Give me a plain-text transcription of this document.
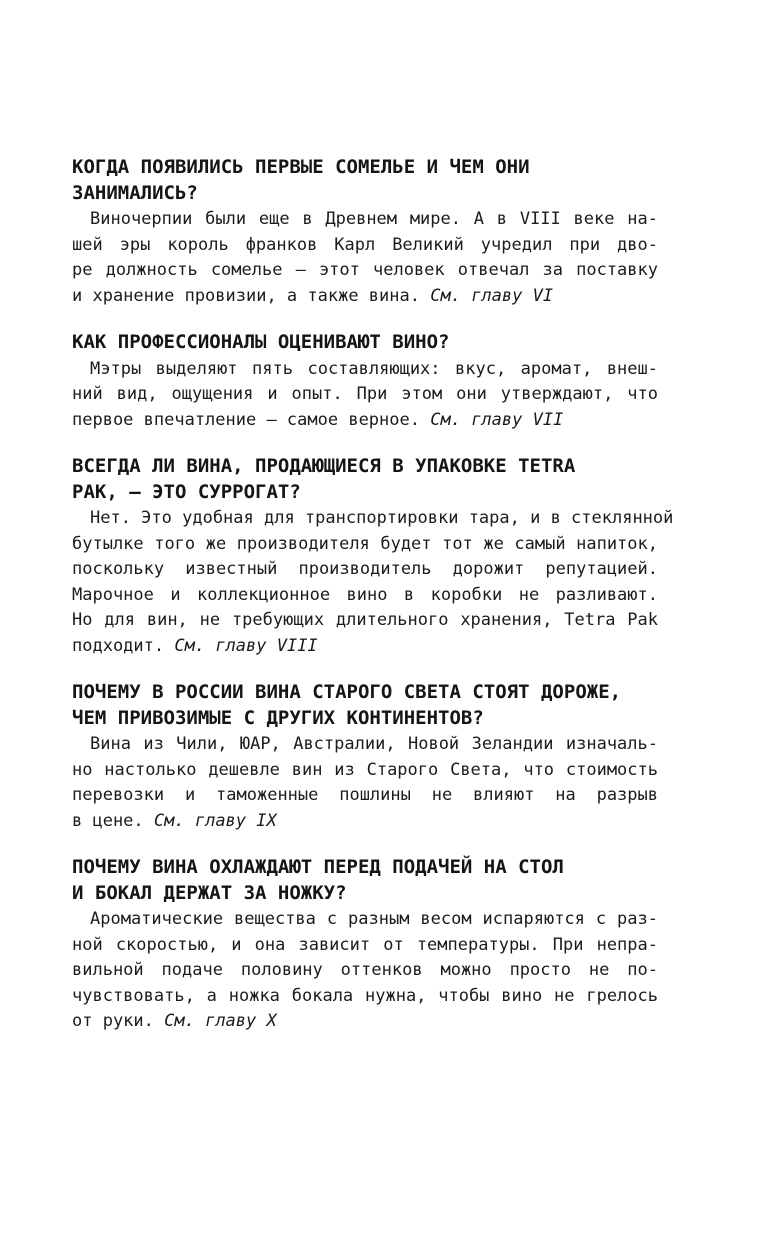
КОГДА ПОЯВИЛИСЬ ПЕРВЫЕ СОМЕЛЬЕ И ЧЕМ ОНИ
ЗАНИМАЛИСЬ?
Виночерпии были еще в Древнем мире. А в VIII веке на-
шей эры король франков Карл Великий учредил при дво-
ре должность сомелье — этот человек отвечал за поставку
и хранение провизии, а также вина. См. главу VI
КАК ПРОФЕССИОНАЛЫ ОЦЕНИВАЮТ ВИНО?
Мэтры выделяют пять составляющих: вкус, аромат, внеш-
ний вид, ощущения и опыт. При этом они утверждают, что
первое впечатление — самое верное. См. главу VII
ВСЕГДА ЛИ ВИНА, ПРОДАЮЩИЕСЯ В УПАКОВКЕ TETRA
PAK, — ЭТО СУРРОГАТ?
Нет. Это удобная для транспортировки тара, и в стеклянной
бутылке того же производителя будет тот же самый напиток,
поскольку известный производитель дорожит репутацией.
Марочное и коллекционное вино в коробки не разливают.
Но для вин, не требующих длительного хранения, Tetra Pak
подходит. См. главу VIII
ПОЧЕМУ В РОССИИ ВИНА СТАРОГО СВЕТА СТОЯТ ДОРОЖЕ,
ЧЕМ ПРИВОЗИМЫЕ С ДРУГИХ КОНТИНЕНТОВ?
Вина из Чили, ЮАР, Австралии, Новой Зеландии изначаль-
но настолько дешевле вин из Старого Света, что стоимость
перевозки и таможенные пошлины не влияют на разрыв
в цене. См. главу IX
ПОЧЕМУ ВИНА ОХЛАЖДАЮТ ПЕРЕД ПОДАЧЕЙ НА СТОЛ
И БОКАЛ ДЕРЖАТ ЗА НОЖКУ?
Ароматические вещества с разным весом испаряются с раз-
ной скоростью, и она зависит от температуры. При непра-
вильной подаче половину оттенков можно просто не по-
чувствовать, а ножка бокала нужна, чтобы вино не грелось
от руки. См. главу X
